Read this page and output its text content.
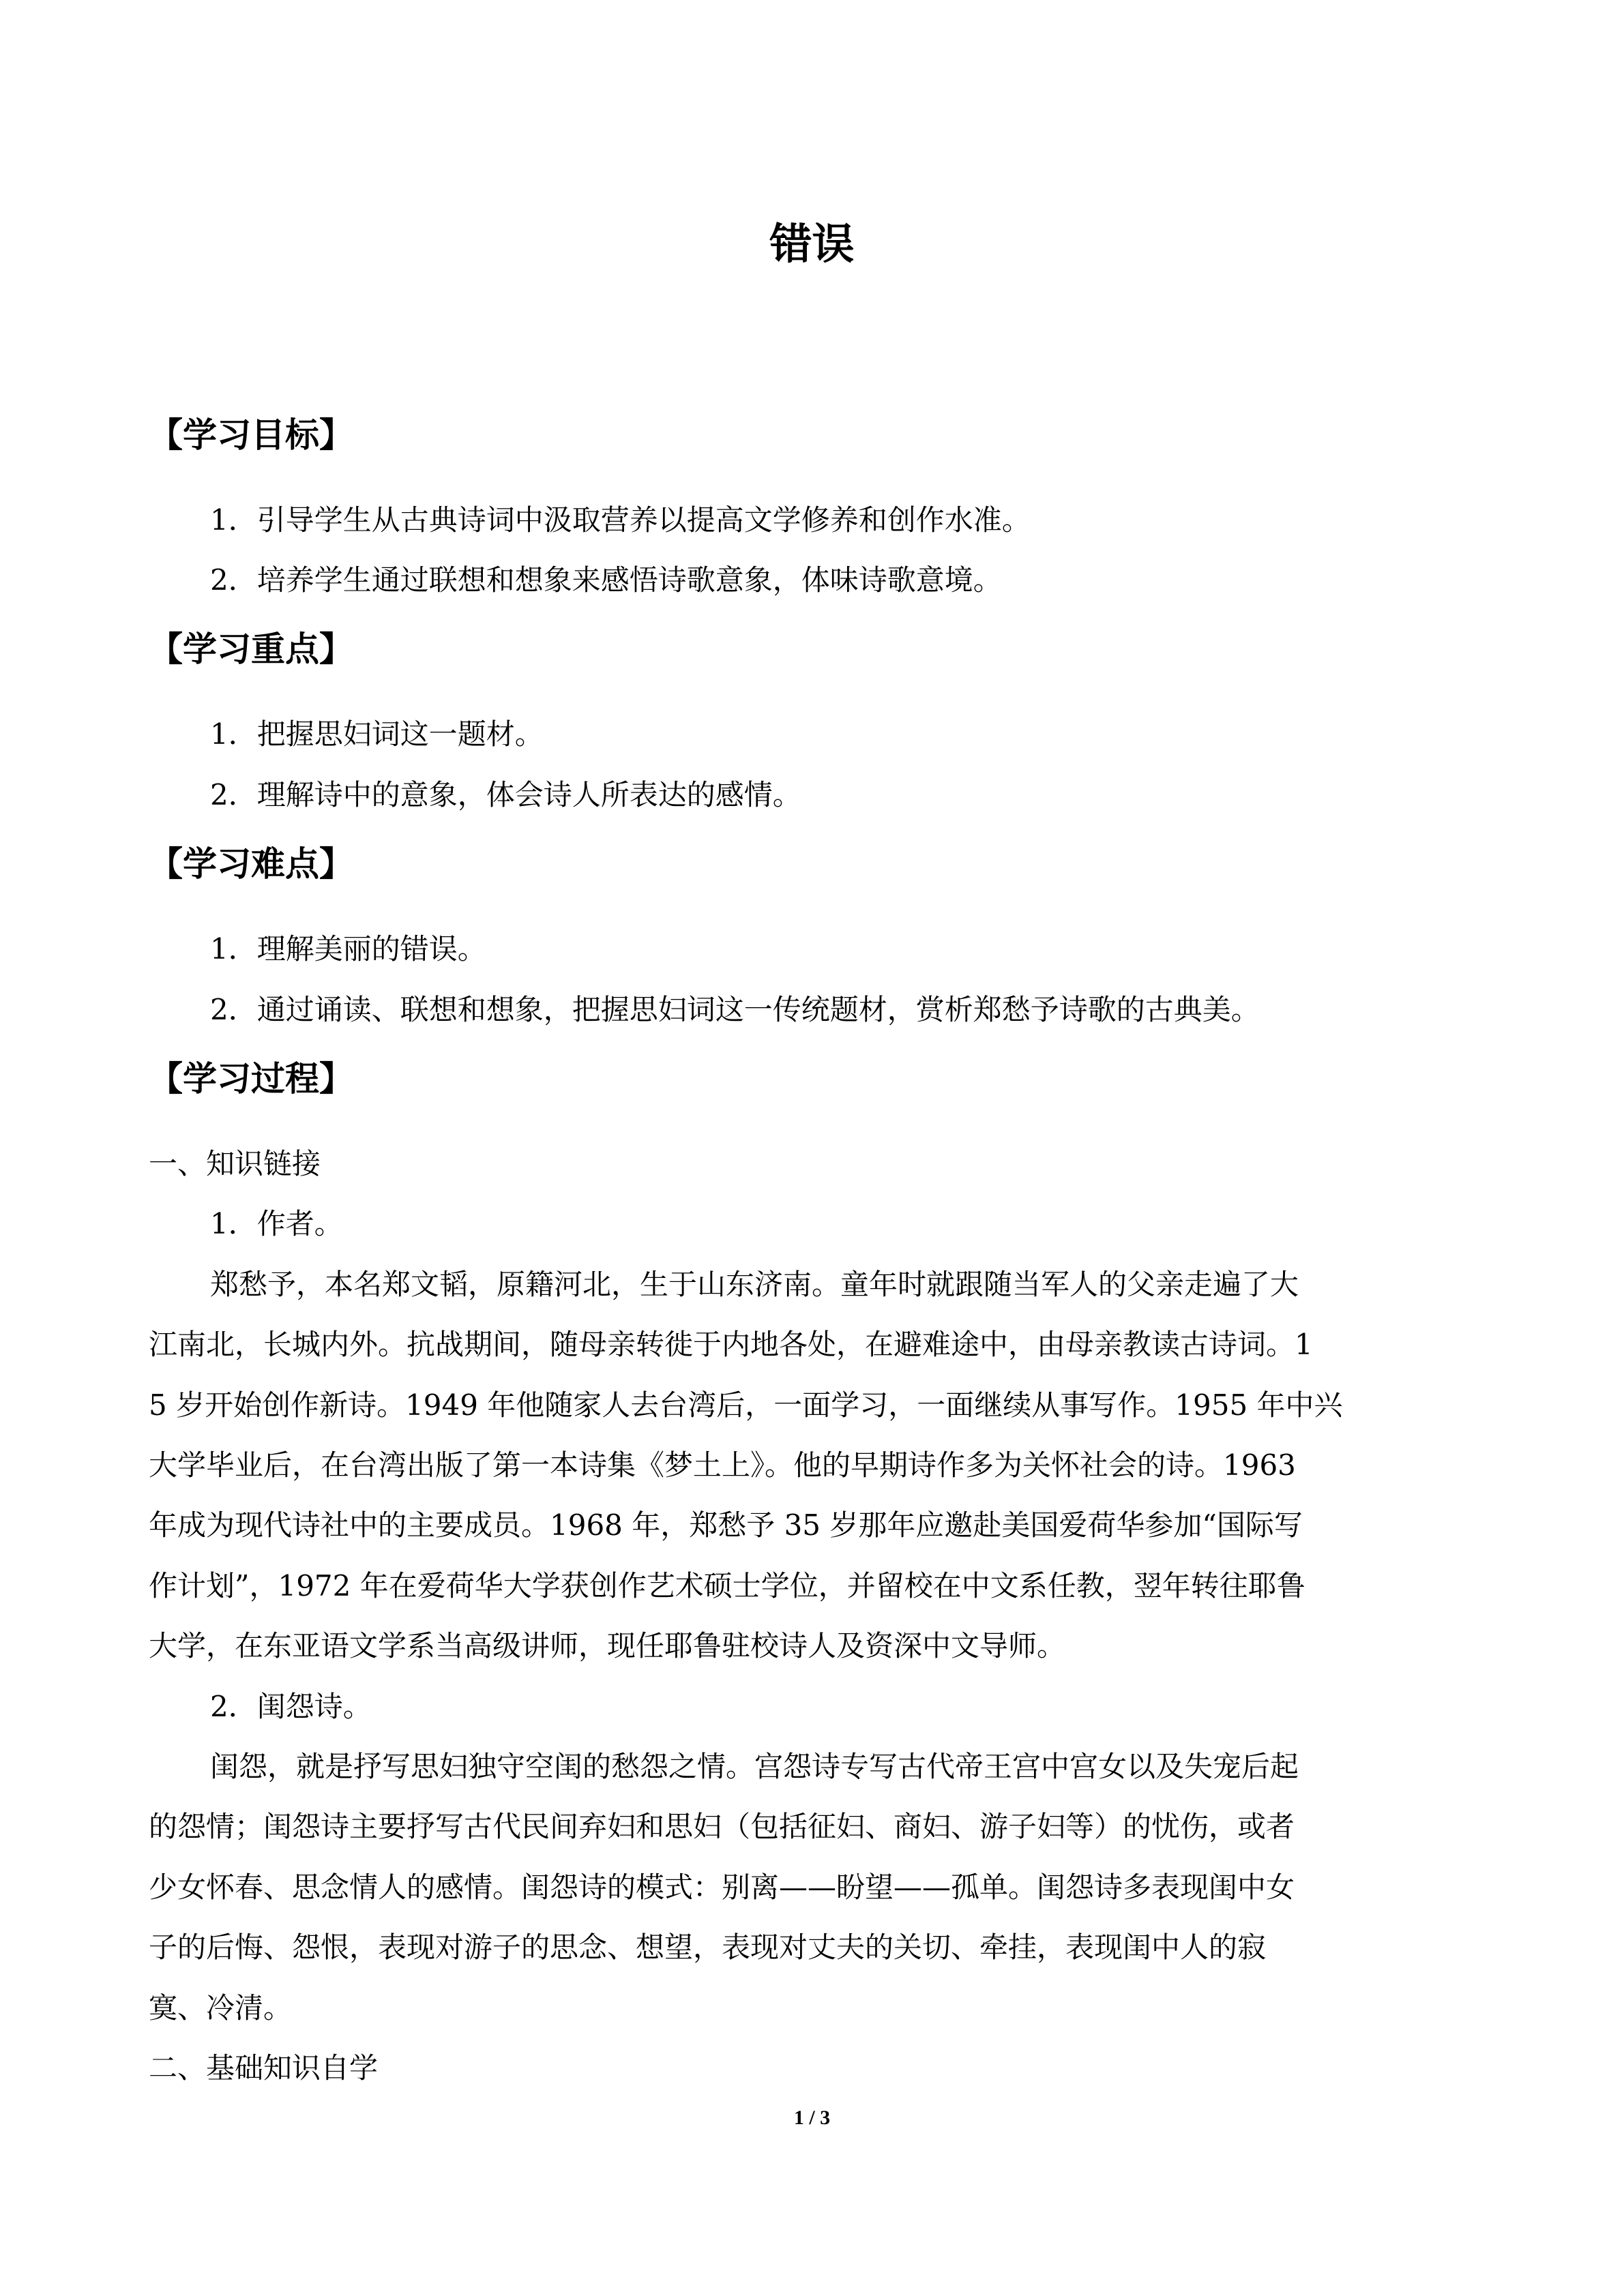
错误
【学习目标】

1．引导学生从古典诗词中汲取营养以提高文学修养和创作水准。

2．培养学生通过联想和想象来感悟诗歌意象，体味诗歌意境。

【学习重点】

1．把握思妇词这一题材。

2．理解诗中的意象，体会诗人所表达的感情。

【学习难点】

1．理解美丽的错误。

2．通过诵读、联想和想象，把握思妇词这一传统题材，赏析郑愁予诗歌的古典美。

【学习过程】

一、知识链接

1．作者。

郑愁予，本名郑文韬，原籍河北，生于山东济南。童年时就跟随当军人的父亲走遍了大

江南北，长城内外。抗战期间，随母亲转徙于内地各处，在避难途中，由母亲教读古诗词。1

5 岁开始创作新诗。1949 年他随家人去台湾后，一面学习，一面继续从事写作。1955 年中兴

大学毕业后，在台湾出版了第一本诗集《梦土上》。他的早期诗作多为关怀社会的诗。1963

年成为现代诗社中的主要成员。1968 年，郑愁予 35 岁那年应邀赴美国爱荷华参加“国际写

作计划”，1972 年在爱荷华大学获创作艺术硕士学位，并留校在中文系任教，翌年转往耶鲁

大学，在东亚语文学系当高级讲师，现任耶鲁驻校诗人及资深中文导师。

2．闺怨诗。

闺怨，就是抒写思妇独守空闺的愁怨之情。宫怨诗专写古代帝王宫中宫女以及失宠后起

的怨情；闺怨诗主要抒写古代民间弃妇和思妇（包括征妇、商妇、游子妇等）的忧伤，或者

少女怀春、思念情人的感情。闺怨诗的模式：别离——盼望——孤单。闺怨诗多表现闺中女

子的后悔、怨恨，表现对游子的思念、想望，表现对丈夫的关切、牵挂，表现闺中人的寂

寞、冷清。

二、基础知识自学

1 / 3
